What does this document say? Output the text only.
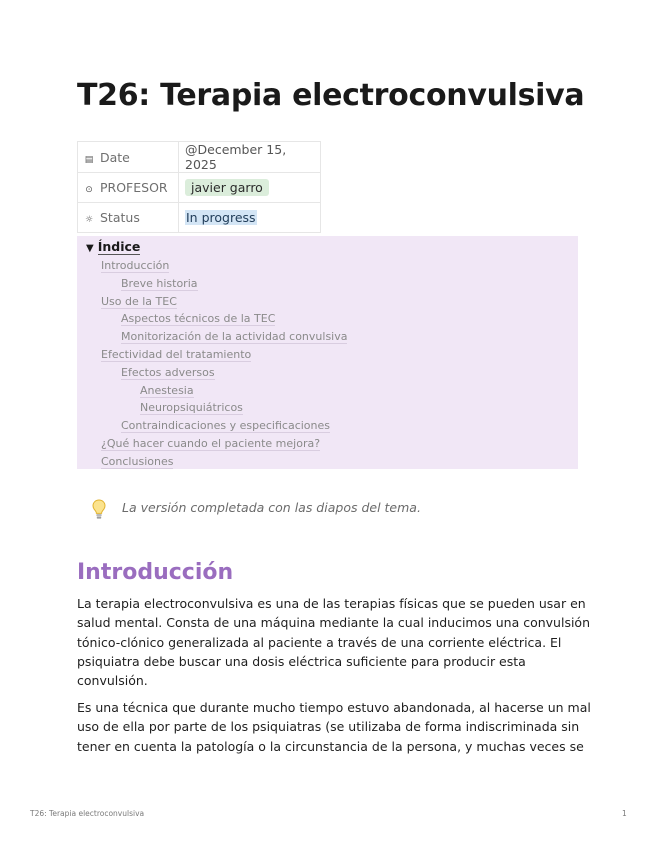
T26: Terapia electroconvulsiva
▤ Date	@December 15, 2025
⊙ PROFESOR	javier garro
☼ Status	In progress
▼ Índice
Introducción
Breve historia
Uso de la TEC
Aspectos técnicos de la TEC
Monitorización de la actividad convulsiva
Efectividad del tratamiento
Efectos adversos
Anestesia
Neuropsiquiátricos
Contraindicaciones y especificaciones
¿Qué hacer cuando el paciente mejora?
Conclusiones
La versión completada con las diapos del tema.
Introducción

La terapia electroconvulsiva es una de las terapias físicas que se pueden usar en
salud mental. Consta de una máquina mediante la cual inducimos una convulsión
tónico-clónico generalizada al paciente a través de una corriente eléctrica. El
psiquiatra debe buscar una dosis eléctrica suficiente para producir esta
convulsión.

Es una técnica que durante mucho tiempo estuvo abandonada, al hacerse un mal
uso de ella por parte de los psiquiatras (se utilizaba de forma indiscriminada sin
tener en cuenta la patología o la circunstancia de la persona, y muchas veces se

T26: Terapia electroconvulsiva	1
